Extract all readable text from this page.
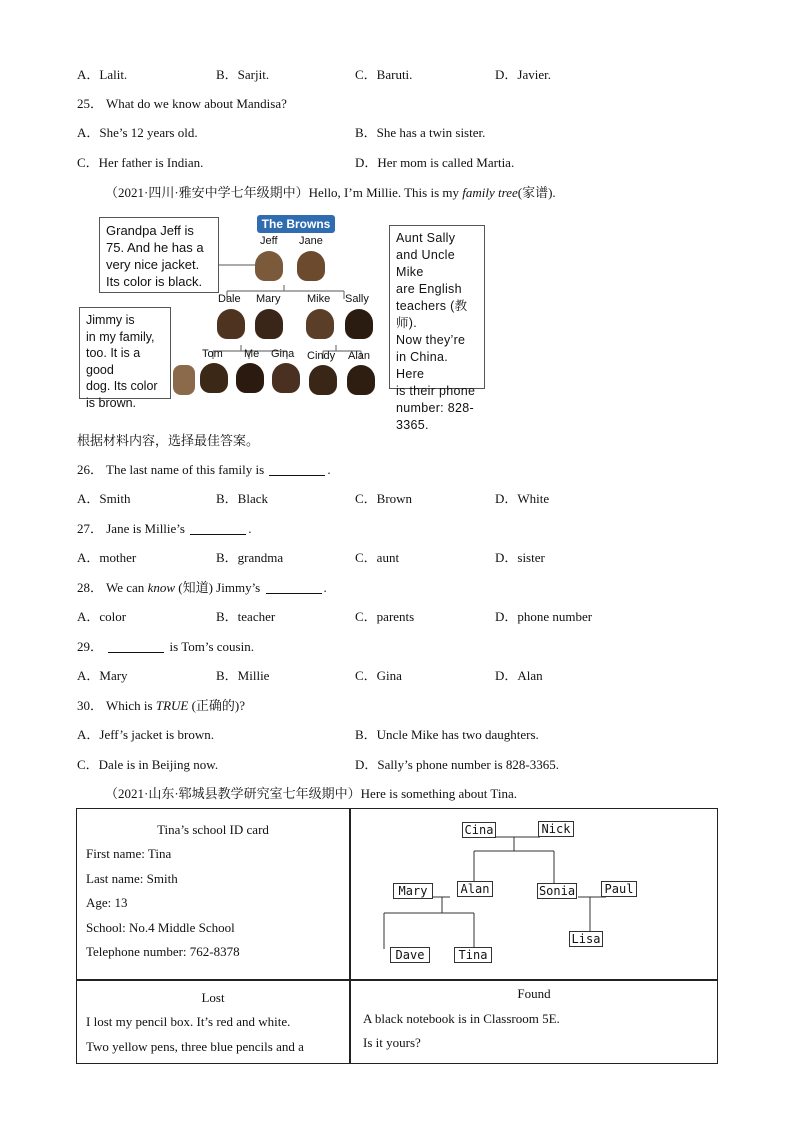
A．Lalit.	B．Sarjit.	C．Baruti.	D．Javier.
25． What do we know about Mandisa?
A．She’s 12 years old.	B．She has a twin sister.
C．Her father is Indian.	D．Her mom is called Martia.
（2021·四川·雅安中学七年级期中）Hello, I’m Millie. This is my family tree(家谱).
The Browns
Grandpa Jeff is
75. And he has a
very nice jacket.
Its color is black.
Jimmy is
in my family,
too. It is a good
dog. Its color
is brown.
Aunt Sally
and Uncle Mike
are English
teachers (教师).
Now they’re
in China. Here
is their phone
number: 828-
3365.
Jeff Jane
Dale Mary Mike Sally
Tom Me Gina Cindy Alan
根据材料内容，选择最佳答案。
26． The last name of this family is	.
A．Smith	B．Black	C．Brown	D．White
27． Jane is Millie’s	.
A．mother	B．grandma	C．aunt	D．sister
28． We can know (知道) Jimmy’s	.
A．color	B．teacher	C．parents	D．phone number
29．	is Tom’s cousin.
A．Mary	B．Millie	C．Gina	D．Alan
30． Which is TRUE (正确的)?
A．Jeff’s jacket is brown.	B．Uncle Mike has two daughters.
C．Dale is in Beijing now.	D．Sally’s phone number is 828-3365.
（2021·山东·郓城县教学研究室七年级期中）Here is something about Tina.
Tina’s school ID card
First name: Tina
Last name: Smith
Age: 13
School: No.4 Middle School
Telephone number: 762-8378
Cina	Nick
Mary	Alan	Sonia Paul
Lisa
Dave	Tina
Lost
I lost my pencil box. It’s red and white.
Two yellow pens, three blue pencils and a
Found
A black notebook is in Classroom 5E.
Is it yours?
